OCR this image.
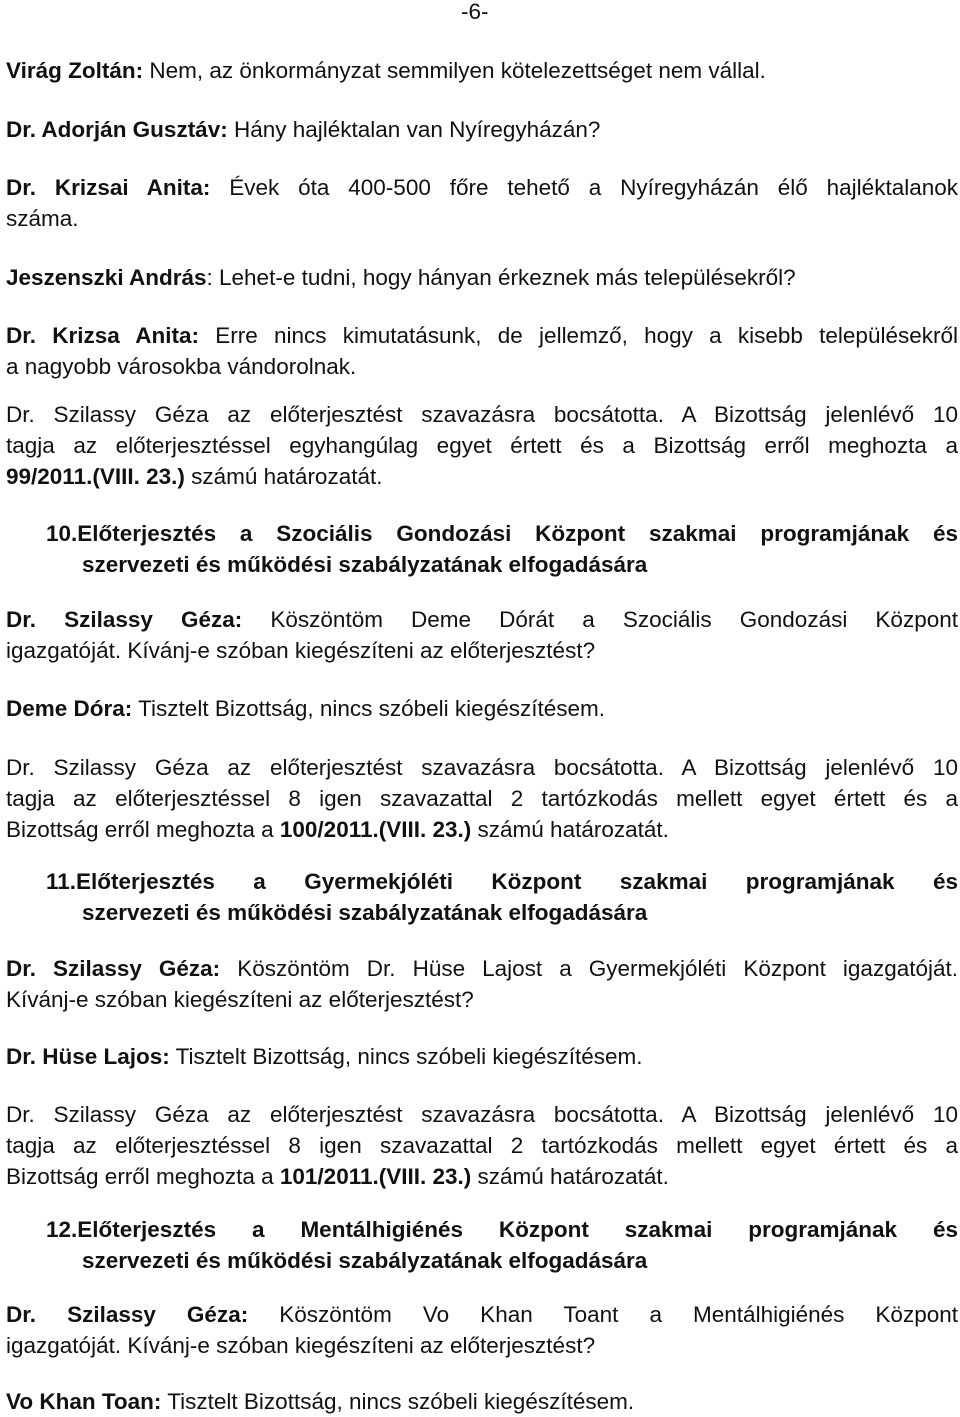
-6-

Virág Zoltán: Nem, az önkormányzat semmilyen kötelezettséget nem vállal.

Dr. Adorján Gusztáv: Hány hajléktalan van Nyíregyházán?

Dr. Krizsai Anita: Évek óta 400-500 főre tehető a Nyíregyházán élő hajléktalanok
száma.

Jeszenszki András: Lehet-e tudni, hogy hányan érkeznek más településekről?

Dr. Krizsa Anita: Erre nincs kimutatásunk, de jellemző, hogy a kisebb településekről
a nagyobb városokba vándorolnak.
Dr. Szilassy Géza az előterjesztést szavazásra bocsátotta. A Bizottság jelenlévő 10
tagja az előterjesztéssel egyhangúlag egyet értett és a Bizottság erről meghozta a
99/2011.(VIII. 23.) számú határozatát.
10.Előterjesztés a Szociális Gondozási Központ szakmai programjának és
szervezeti és működési szabályzatának elfogadására
Dr. Szilassy Géza: Köszöntöm Deme Dórát a Szociális Gondozási Központ
igazgatóját. Kívánj-e szóban kiegészíteni az előterjesztést?

Deme Dóra: Tisztelt Bizottság, nincs szóbeli kiegészítésem.

Dr. Szilassy Géza az előterjesztést szavazásra bocsátotta. A Bizottság jelenlévő 10
tagja az előterjesztéssel 8 igen szavazattal 2 tartózkodás mellett egyet értett és a
Bizottság erről meghozta a 100/2011.(VIII. 23.) számú határozatát.
11.Előterjesztés a Gyermekjóléti Központ szakmai programjának és
szervezeti és működési szabályzatának elfogadására
Dr. Szilassy Géza: Köszöntöm Dr. Hüse Lajost a Gyermekjóléti Központ igazgatóját.
Kívánj-e szóban kiegészíteni az előterjesztést?

Dr. Hüse Lajos: Tisztelt Bizottság, nincs szóbeli kiegészítésem.

Dr. Szilassy Géza az előterjesztést szavazásra bocsátotta. A Bizottság jelenlévő 10
tagja az előterjesztéssel 8 igen szavazattal 2 tartózkodás mellett egyet értett és a
Bizottság erről meghozta a 101/2011.(VIII. 23.) számú határozatát.
12.Előterjesztés a Mentálhigiénés Központ szakmai programjának és
szervezeti és működési szabályzatának elfogadására
Dr. Szilassy Géza: Köszöntöm Vo Khan Toant a Mentálhigiénés Központ
igazgatóját. Kívánj-e szóban kiegészíteni az előterjesztést?

Vo Khan Toan: Tisztelt Bizottság, nincs szóbeli kiegészítésem.
